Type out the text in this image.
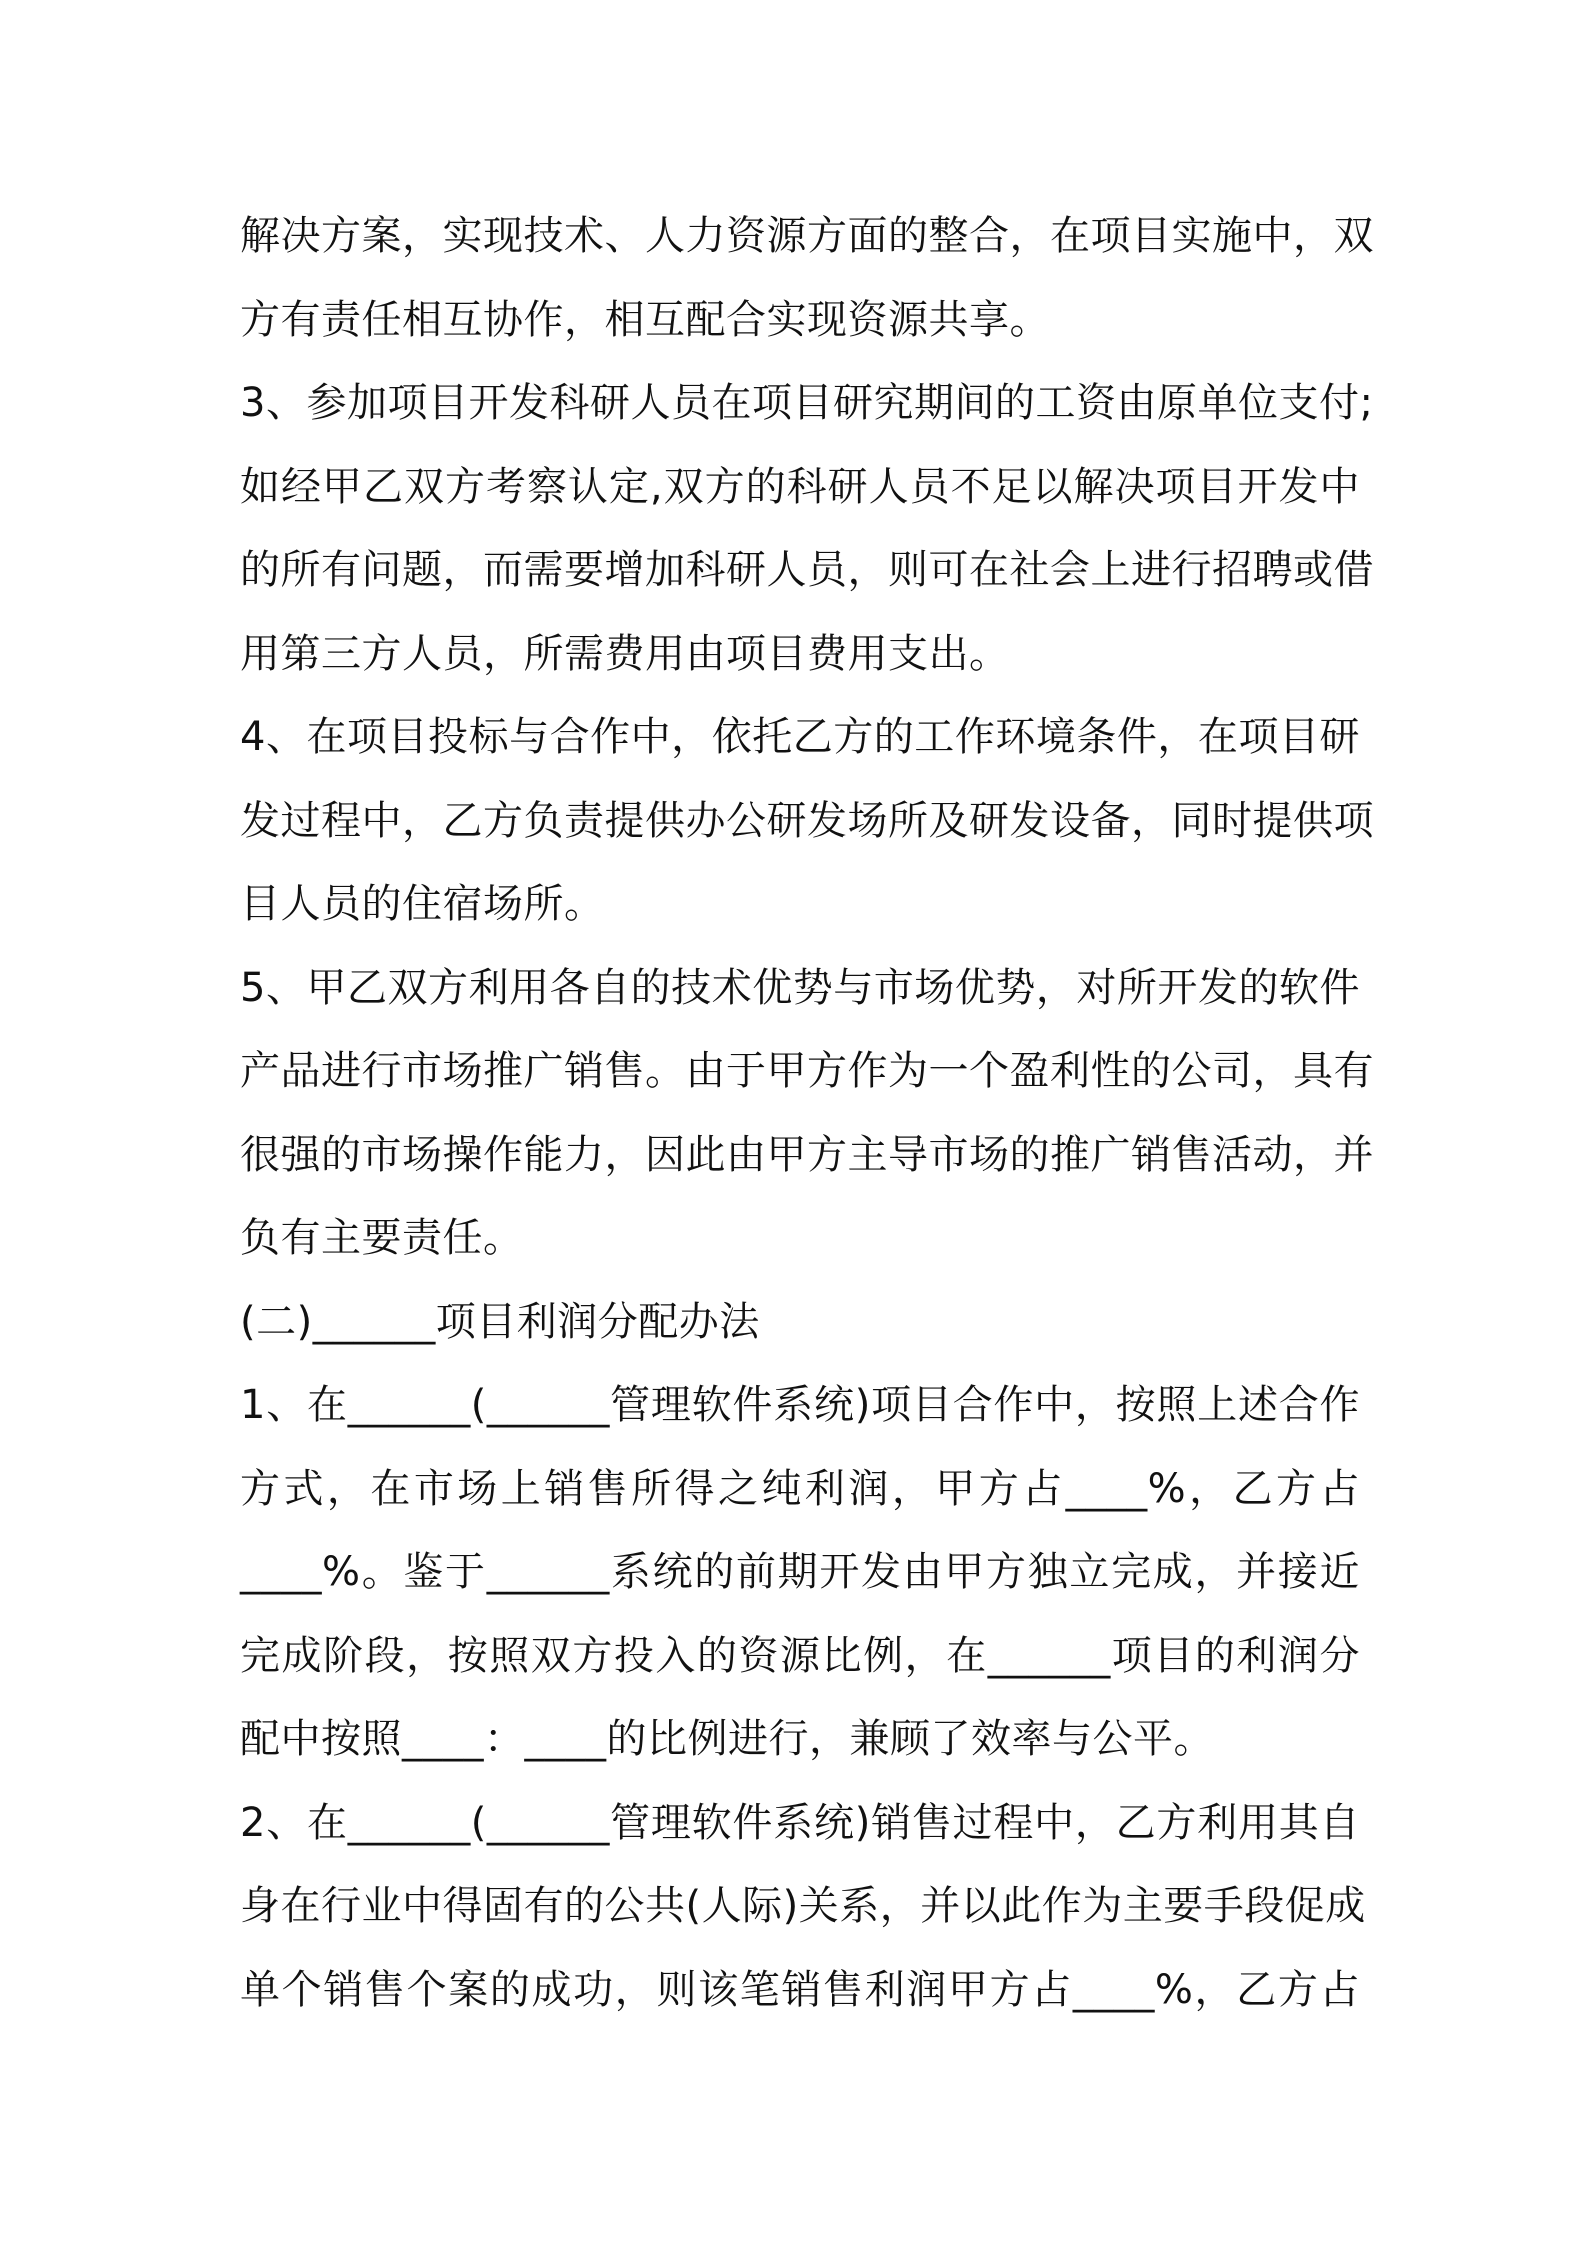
解决方案，实现技术、人力资源方面的整合，在项目实施中，双
方有责任相互协作，相互配合实现资源共享。
3、参加项目开发科研人员在项目研究期间的工资由原单位支付;
如经甲乙双方考察认定,双方的科研人员不足以解决项目开发中
的所有问题，而需要增加科研人员，则可在社会上进行招聘或借
用第三方人员，所需费用由项目费用支出。
4、在项目投标与合作中，依托乙方的工作环境条件，在项目研
发过程中，乙方负责提供办公研发场所及研发设备，同时提供项
目人员的住宿场所。
5、甲乙双方利用各自的技术优势与市场优势，对所开发的软件
产品进行市场推广销售。由于甲方作为一个盈利性的公司，具有
很强的市场操作能力，因此由甲方主导市场的推广销售活动，并
负有主要责任。
(二)______项目利润分配办法
1、在______(______管理软件系统)项目合作中，按照上述合作
方式，在市场上销售所得之纯利润，甲方占____%，乙方占
____%。鉴于______系统的前期开发由甲方独立完成，并接近
完成阶段，按照双方投入的资源比例，在______项目的利润分
配中按照____：____的比例进行，兼顾了效率与公平。
2、在______(______管理软件系统)销售过程中，乙方利用其自
身在行业中得固有的公共(人际)关系，并以此作为主要手段促成
单个销售个案的成功，则该笔销售利润甲方占____%，乙方占
